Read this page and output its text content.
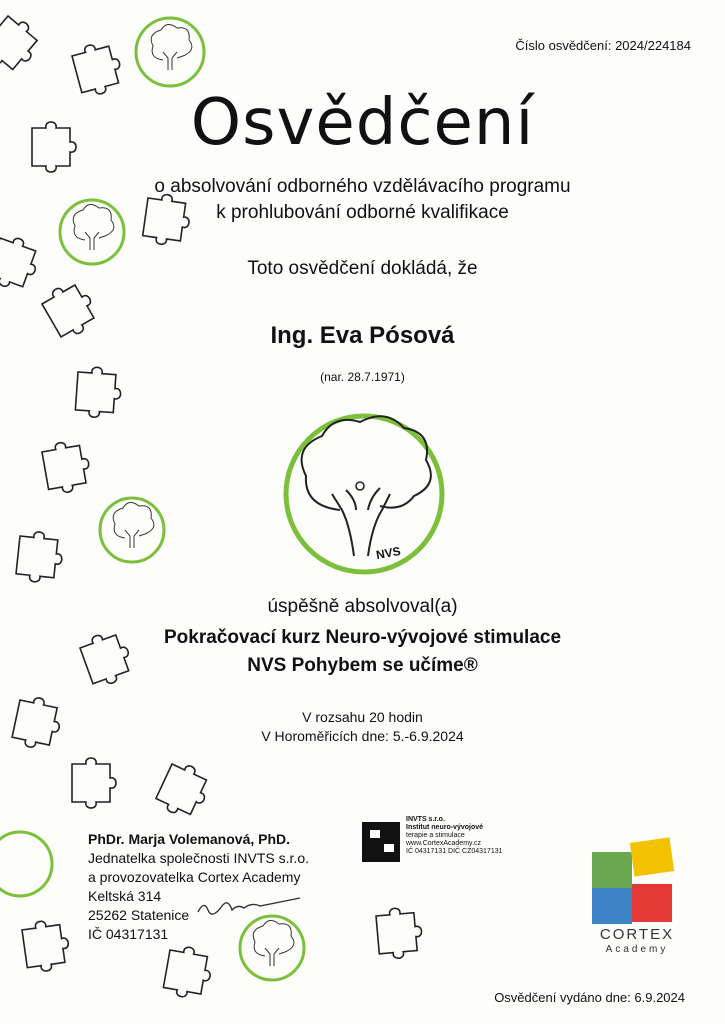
Číslo osvědčení: 2024/224184
Osvědčení
o absolvování odborného vzdělávacího programu
k prohlubování odborné kvalifikace
Toto osvědčení dokládá, že
Ing. Eva Pósová
(nar. 28.7.1971)
NVS
úspěšně absolvoval(a)
Pokračovací kurz Neuro-vývojové stimulace
NVS Pohybem se učíme®
V rozsahu 20 hodin
V Horoměřicích dne: 5.-6.9.2024
PhDr. Marja Volemanová, PhD.
Jednatelka společnosti INVTS s.r.o.
a provozovatelka Cortex Academy
Keltská 314
25262 Statenice
IČ 04317131
INVTS s.r.o.
Institut neuro-vývojové
terapie a stimulace
www.CortexAcademy.cz
IČ 04317131 DIČ CZ04317131
CORTEX
Academy
Osvědčení vydáno dne: 6.9.2024
